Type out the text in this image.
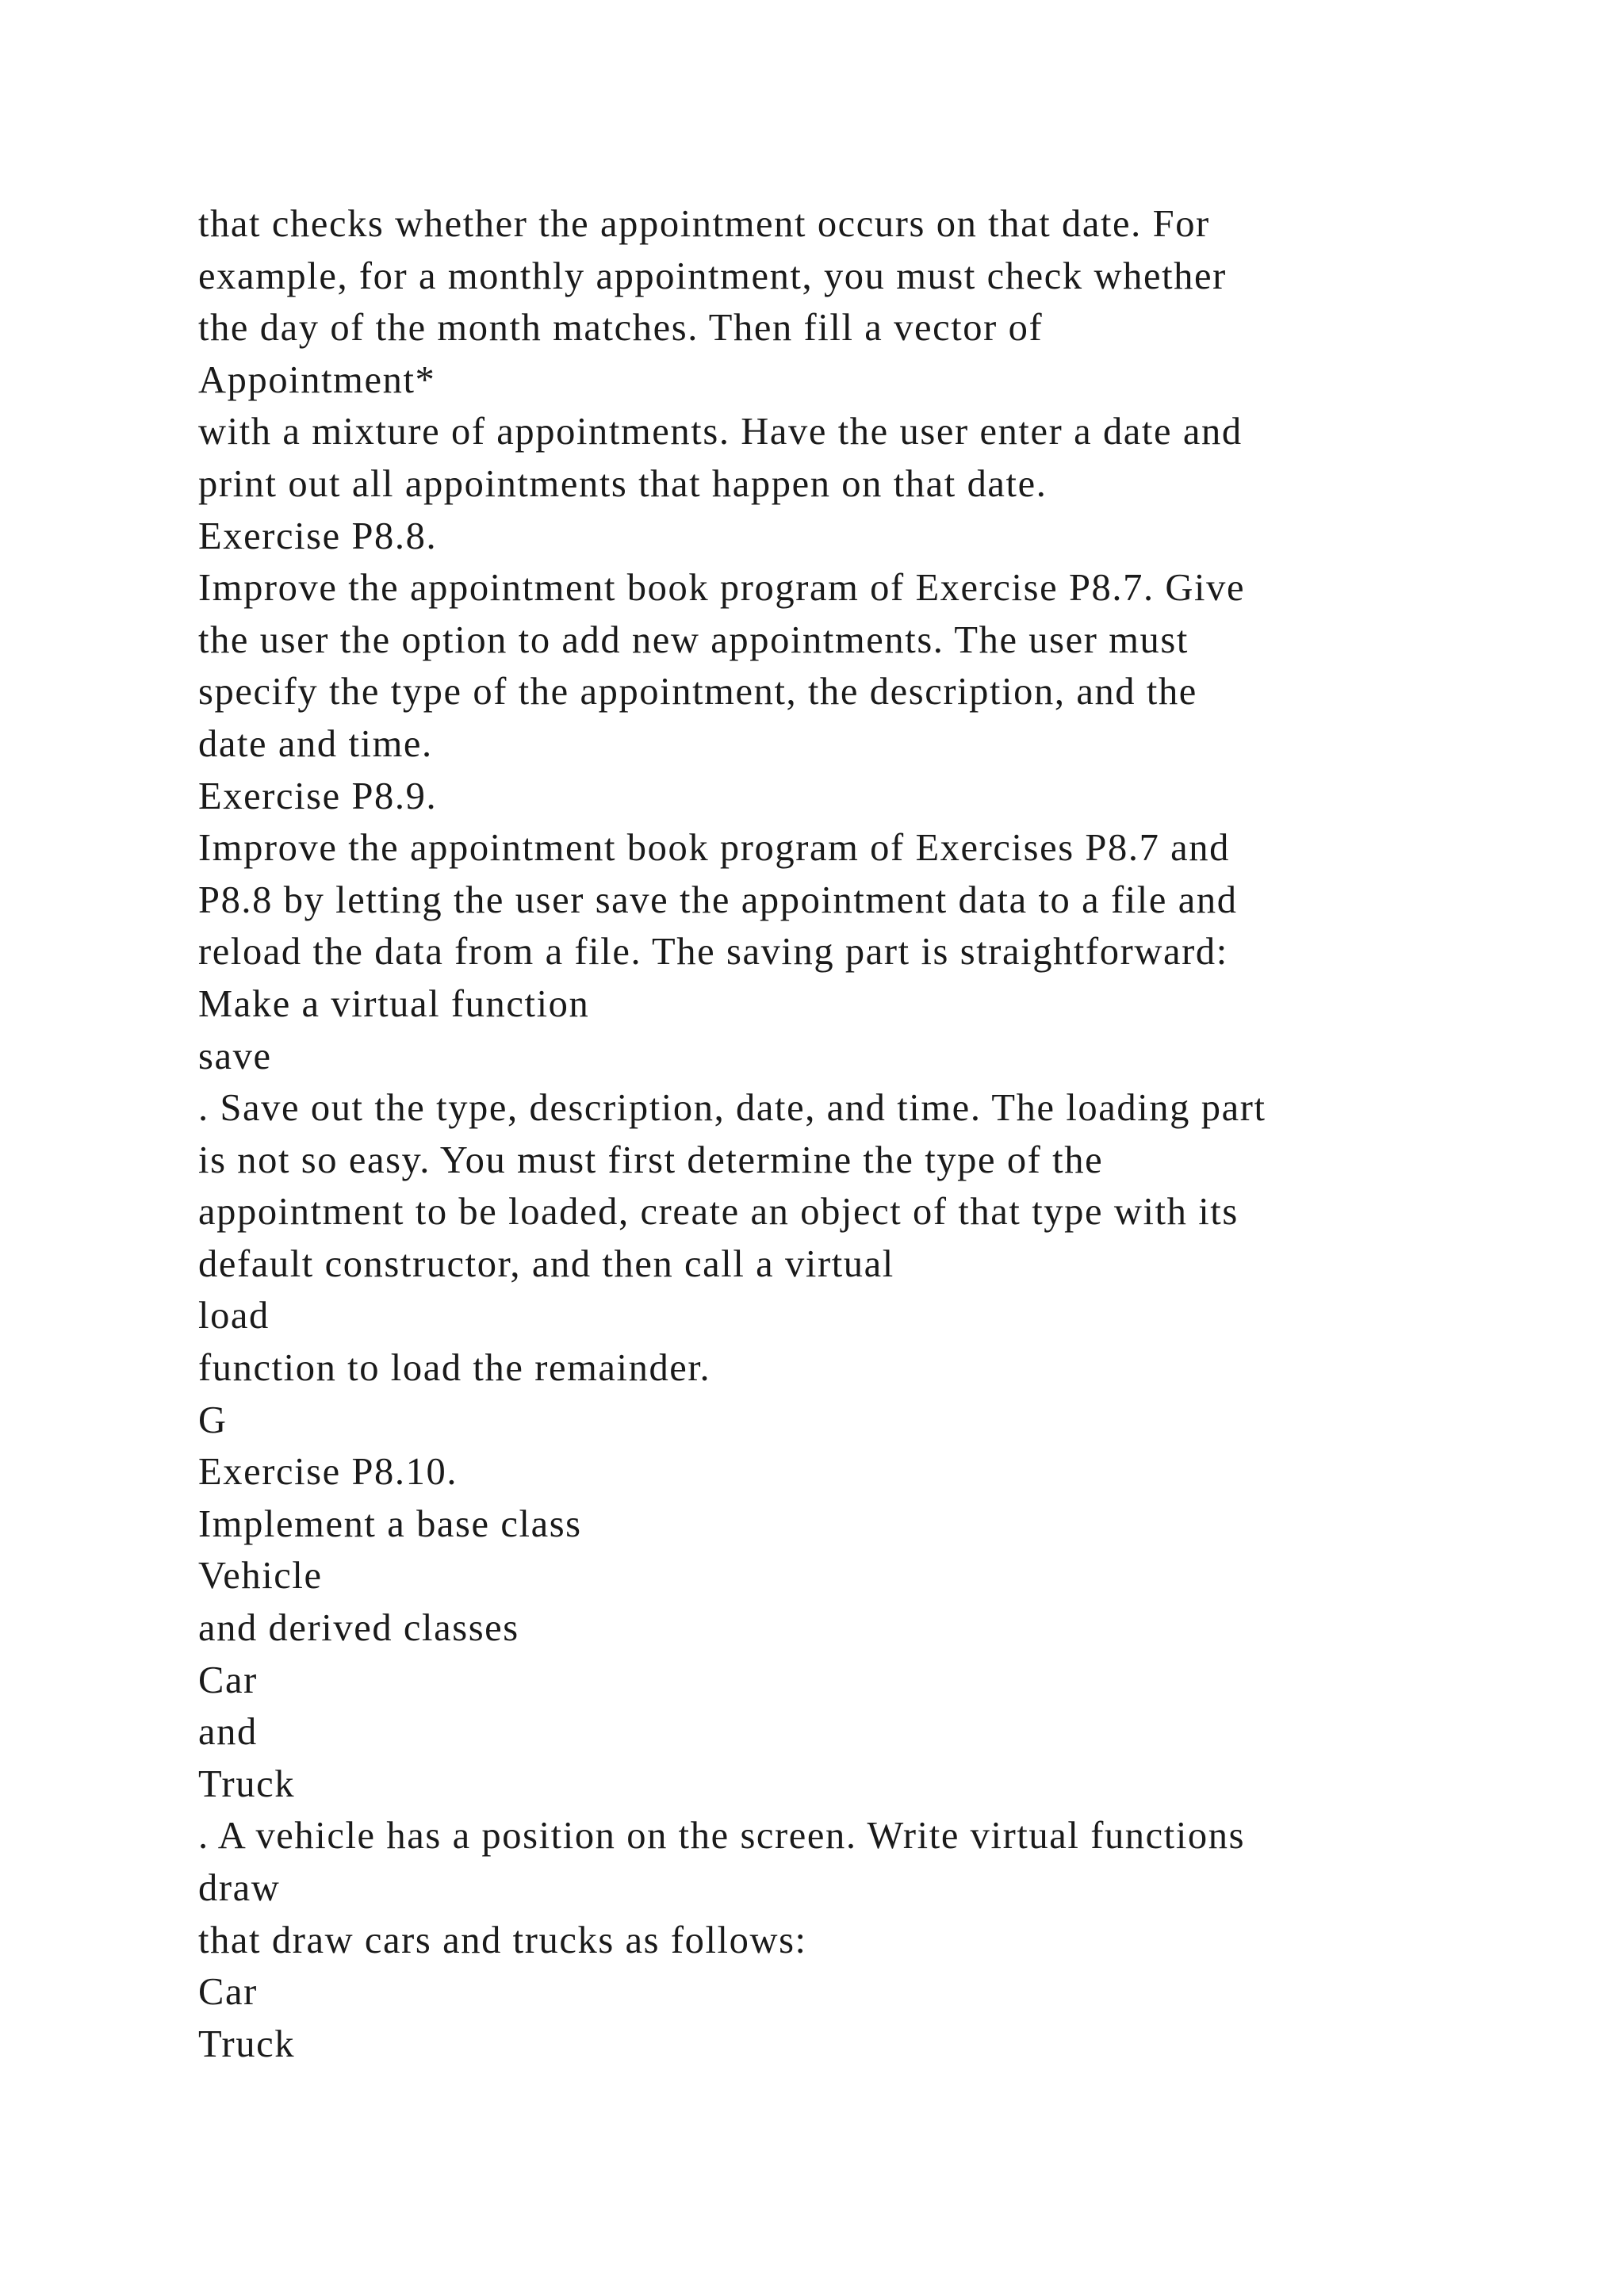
that checks whether the appointment occurs on that date. For
example, for a monthly appointment, you must check whether
the day of the month matches. Then fill a vector of
Appointment*
with a mixture of appointments. Have the user enter a date and
print out all appointments that happen on that date.
Exercise P8.8.
Improve the appointment book program of Exercise P8.7. Give
the user the option to add new appointments. The user must
specify the type of the appointment, the description, and the
date and time.
Exercise P8.9.
Improve the appointment book program of Exercises P8.7 and
P8.8 by letting the user save the appointment data to a file and
reload the data from a file. The saving part is straightforward:
Make a virtual function
save
. Save out the type, description, date, and time. The loading part
is not so easy. You must first determine the type of the
appointment to be loaded, create an object of that type with its
default constructor, and then call a virtual
load
function to load the remainder.
G
Exercise P8.10.
Implement a base class
Vehicle
and derived classes
Car
and
Truck
. A vehicle has a position on the screen. Write virtual functions
draw
that draw cars and trucks as follows:
Car
Truck
